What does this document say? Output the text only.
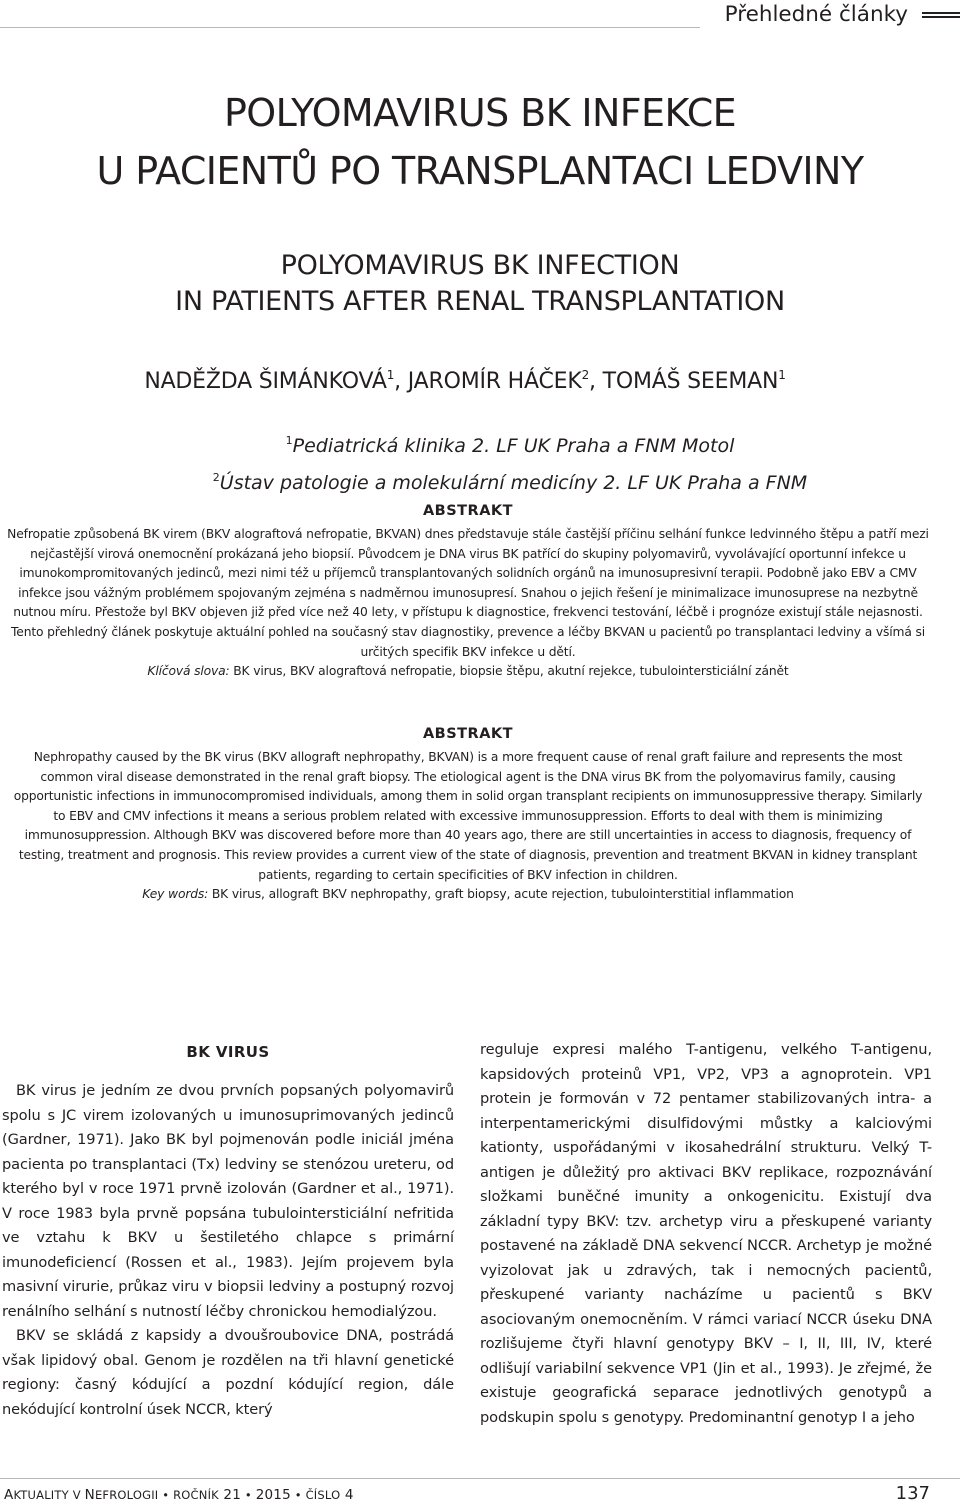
Přehledné články
POLYOMAVIRUS BK INFEKCE
U PACIENTŮ PO TRANSPLANTACI LEDVINY
POLYOMAVIRUS BK INFECTION
IN PATIENTS AFTER RENAL TRANSPLANTATION
NADĚŽDA ŠIMÁNKOVÁ$^1$, JAROMÍR HÁČEK$^2$, TOMÁŠ SEEMAN$^1$
$^1$Pediatrická klinika 2. LF UK Praha a FNM Motol
$^2$Ústav patologie a molekulární medicíny 2. LF UK Praha a FNM
ABSTRAKT
Nefropatie způsobená BK virem (BKV alograftová nefropatie, BKVAN) dnes představuje stále častější příčinu selhání funkce ledvinného štěpu a patří mezi nejčastější virová onemocnění prokázaná jeho biopsií. Původcem je DNA virus BK patřící do skupiny polyomavirů, vyvolávající oportunní infekce u imunokompromitovaných jedinců, mezi nimi též u příjemců transplantovaných solidních orgánů na imunosupresivní terapii. Podobně jako EBV a CMV infekce jsou vážným problémem spojovaným zejména s nadměrnou imunosupresí. Snahou o jejich řešení je minimalizace imunosuprese na nezbytně nutnou míru. Přestože byl BKV objeven již před více než 40 lety, v přístupu k diagnostice, frekvenci testování, léčbě i prognóze existují stále nejasnosti. Tento přehledný článek poskytuje aktuální pohled na současný stav diagnostiky, prevence a léčby BKVAN u pacientů po transplantaci ledviny a všímá si určitých specifik BKV infekce u dětí.
Klíčová slova: BK virus, BKV alograftová nefropatie, biopsie štěpu, akutní rejekce, tubulointersticiální zánět
ABSTRAKT
Nephropathy caused by the BK virus (BKV allograft nephropathy, BKVAN) is a more frequent cause of renal graft failure and represents the most common viral disease demonstrated in the renal graft biopsy. The etiological agent is the DNA virus BK from the polyomavirus family, causing opportunistic infections in immunocompromised individuals, among them in solid organ transplant recipients on immunosuppressive therapy. Similarly to EBV and CMV infections it means a serious problem related with excessive immunosuppression. Efforts to deal with them is minimizing immunosuppression. Although BKV was discovered before more than 40 years ago, there are still uncertainties in access to diagnosis, frequency of testing, treatment and prognosis. This review provides a current view of the state of diagnosis, prevention and treatment BKVAN in kidney transplant patients, regarding to certain specificities of BKV infection in children.
Key words: BK virus, allograft BKV nephropathy, graft biopsy, acute rejection, tubulointerstitial inflammation
BK VIRUS

BK virus je jedním ze dvou prvních popsaných polyomavirů spolu s JC virem izolovaných u imunosuprimovaných jedinců (Gardner, 1971). Jako BK byl pojmenován podle iniciál jména pacienta po transplantaci (Tx) ledviny se stenózou ureteru, od kterého byl v roce 1971 prvně izolován (Gardner et al., 1971). V roce 1983 byla prvně popsána tubulointersticiální nefritida ve vztahu k BKV u šestiletého chlapce s primární imunodeficiencí (Rossen et al., 1983). Jejím projevem byla masivní virurie, průkaz viru v biopsii ledviny a postupný rozvoj renálního selhání s nutností léčby chronickou hemodialýzou.

BKV se skládá z kapsidy a dvoušroubovice DNA, postrádá však lipidový obal. Genom je rozdělen na tři hlavní genetické regiony: časný kódující a pozdní kódující region, dále nekódující kontrolní úsek NCCR, který

reguluje expresi malého T-antigenu, velkého T-antigenu, kapsidových proteinů VP1, VP2, VP3 a agnoprotein. VP1 protein je formován v 72 pentamer stabilizovaných intra- a interpentamerickými disulfidovými můstky a kalciovými kationty, uspořádanými v ikosahedrální strukturu. Velký T-antigen je důležitý pro aktivaci BKV replikace, rozpoznávání složkami buněčné imunity a onkogenicitu. Existují dva základní typy BKV: tzv. archetyp viru a přeskupené varianty postavené na základě DNA sekvencí NCCR. Archetyp je možné vyizolovat jak u zdravých, tak i nemocných pacientů, přeskupené varianty nacházíme u pacientů s BKV asociovaným onemocněním. V rámci variací NCCR úseku DNA rozlišujeme čtyři hlavní genotypy BKV – I, II, III, IV, které odlišují variabilní sekvence VP1 (Jin et al., 1993). Je zřejmé, že existuje geografická separace jednotlivých genotypů a podskupin spolu s genotypy. Predominantní genotyp I a jeho

AKTUALITY V NEFROLOGII • ROČNÍK 21 • 2015 • ČÍSLO 4	137
